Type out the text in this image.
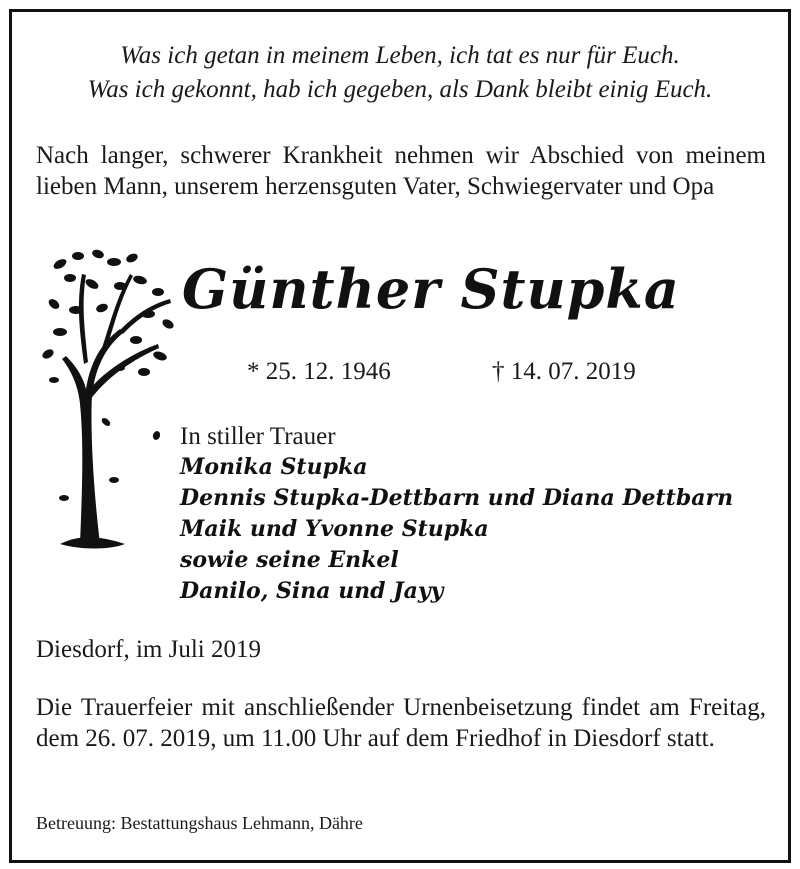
Was ich getan in meinem Leben, ich tat es nur für Euch.
Was ich gekonnt, hab ich gegeben, als Dank bleibt einig Euch.
Nach langer, schwerer Krankheit nehmen wir Abschied von meinem lieben Mann, unserem herzensguten Vater, Schwiegervater und Opa
Günther Stupka
* 25. 12. 1946	† 14. 07. 2019
In stiller Trauer
Monika Stupka
Dennis Stupka-Dettbarn und Diana Dettbarn
Maik und Yvonne Stupka
sowie seine Enkel
Danilo, Sina und Jayy
Diesdorf, im Juli 2019
Die Trauerfeier mit anschließender Urnenbeisetzung findet am Freitag, dem 26. 07. 2019, um 11.00 Uhr auf dem Friedhof in Diesdorf statt.
Betreuung: Bestattungshaus Lehmann, Dähre
